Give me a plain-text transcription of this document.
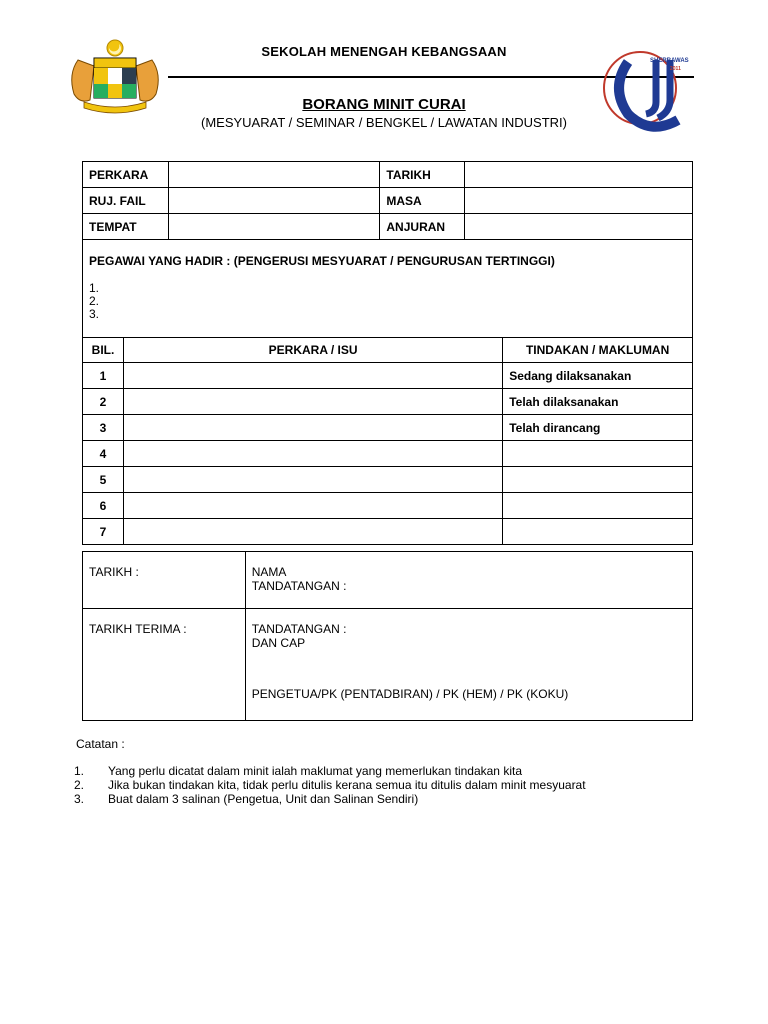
SEKOLAH MENENGAH KEBANGSAAN
SHERRAWAS
2011
BORANG MINIT CURAI
(MESYUARAT / SEMINAR / BENGKEL / LAWATAN INDUSTRI)
PERKARA			TARIKH		
RUJ. FAIL			MASA		
TEMPAT			ANJURAN		

PEGAWAI YANG HADIR : (PENGERUSI MESYUARAT / PENGURUSAN TERTINGGI)
1.
2.
3.					

BIL.	PERKARA / ISU				TINDAKAN / MAKLUMAN
1					Sedang dilaksanakan
2					Telah dilaksanakan
3					Telah dirancang
4					
5					
6					
7					
TARIKH :	NAMA
TANDATANGAN :

TARIKH TERIMA :	TANDATANGAN :
DAN CAP
PENGETUA/PK (PENTADBIRAN) / PK (HEM) / PK (KOKU)
Catatan :
1. Yang perlu dicatat dalam minit ialah maklumat yang memerlukan tindakan kita
2. Jika bukan tindakan kita, tidak perlu ditulis kerana semua itu ditulis dalam minit mesyuarat
3. Buat dalam 3 salinan (Pengetua, Unit dan Salinan Sendiri)
